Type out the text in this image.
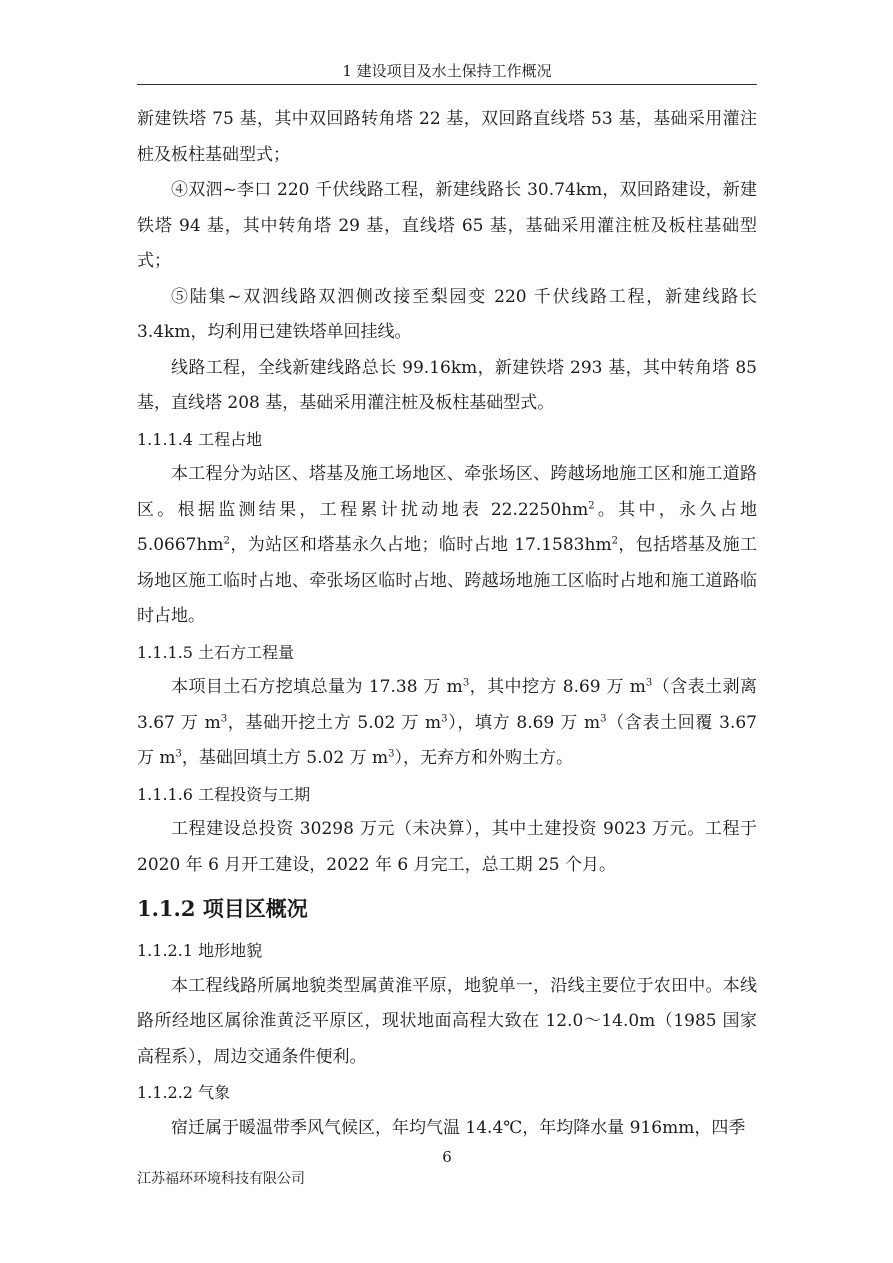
1 建设项目及水土保持工作概况

新建铁塔 75 基，其中双回路转角塔 22 基，双回路直线塔 53 基，基础采用灌注桩及板柱基础型式；

④双泗~李口 220 千伏线路工程，新建线路长 30.74km，双回路建设，新建铁塔 94 基，其中转角塔 29 基，直线塔 65 基，基础采用灌注桩及板柱基础型式；

⑤陆集~双泗线路双泗侧改接至梨园变 220 千伏线路工程，新建线路长 3.4km，均利用已建铁塔单回挂线。

线路工程，全线新建线路总长 99.16km，新建铁塔 293 基，其中转角塔 85 基，直线塔 208 基，基础采用灌注桩及板柱基础型式。

1.1.1.4 工程占地

本工程分为站区、塔基及施工场地区、牵张场区、跨越场地施工区和施工道路区。根据监测结果，工程累计扰动地表 $22.2250hm^2$。其中，永久占地 $5.0667hm^2$，为站区和塔基永久占地；临时占地 $17.1583hm^2$，包括塔基及施工场地区施工临时占地、牵张场区临时占地、跨越场地施工区临时占地和施工道路临时占地。

1.1.1.5 土石方工程量

本项目土石方挖填总量为 17.38 万 $m^3$，其中挖方 8.69 万 $m^3$（含表土剥离 3.67 万 $m^3$，基础开挖土方 5.02 万 $m^3$），填方 8.69 万 $m^3$（含表土回覆 3.67 万 $m^3$，基础回填土方 5.02 万 $m^3$），无弃方和外购土方。

1.1.1.6 工程投资与工期

工程建设总投资 30298 万元（未决算），其中土建投资 9023 万元。工程于 2020 年 6 月开工建设，2022 年 6 月完工，总工期 25 个月。

1.1.2 项目区概况

1.1.2.1 地形地貌

本工程线路所属地貌类型属黄淮平原，地貌单一，沿线主要位于农田中。本线路所经地区属徐淮黄泛平原区，现状地面高程大致在 12.0～14.0m（1985 国家高程系），周边交通条件便利。

1.1.2.2 气象

宿迁属于暖温带季风气候区，年均气温 14.4℃，年均降水量 916mm，四季

6
江苏福环环境科技有限公司
